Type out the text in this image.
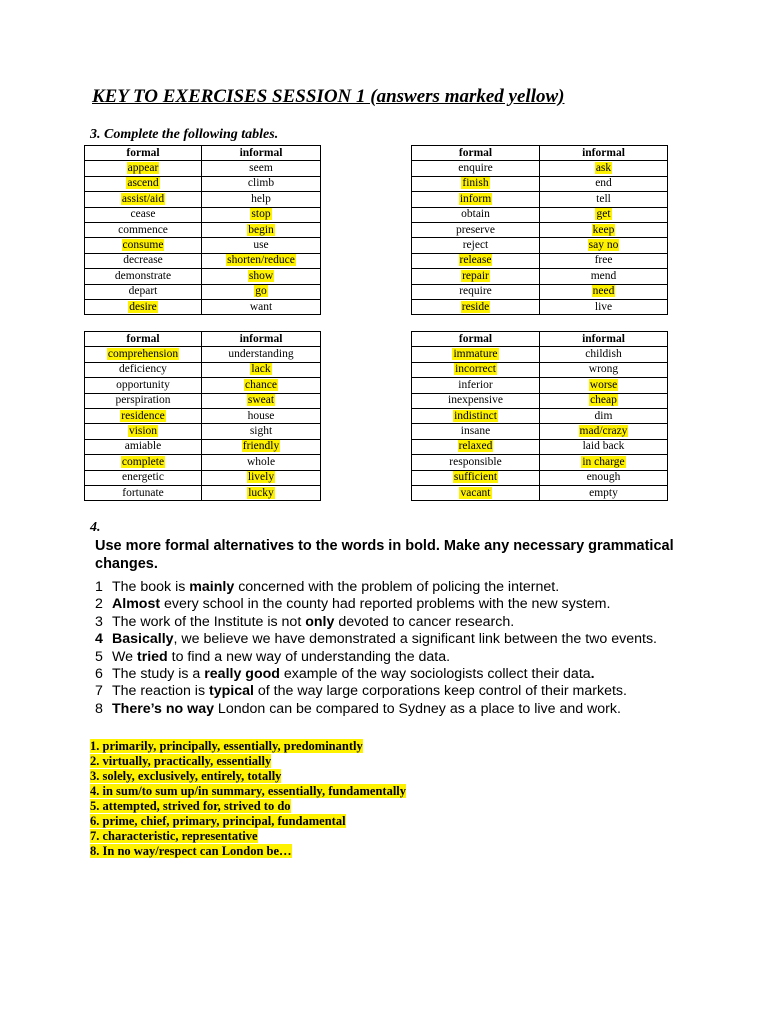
KEY TO EXERCISES SESSION 1 (answers marked yellow)
3. Complete the following tables.
formal	informal
appear	seem
ascend	climb
assist/aid	help
cease	stop
commence	begin
consume	use
decrease	shorten/reduce
demonstrate	show
depart	go
desire	want
formal	informal
enquire	ask
finish	end
inform	tell
obtain	get
preserve	keep
reject	say no
release	free
repair	mend
require	need
reside	live
formal	informal
comprehension	understanding
deficiency	lack
opportunity	chance
perspiration	sweat
residence	house
vision	sight
amiable	friendly
complete	whole
energetic	lively
fortunate	lucky
formal	informal
immature	childish
incorrect	wrong
inferior	worse
inexpensive	cheap
indistinct	dim
insane	mad/crazy
relaxed	laid back
responsible	in charge
sufficient	enough
vacant	empty
4.
Use more formal alternatives to the words in bold. Make any necessary grammatical changes.
1 The book is mainly concerned with the problem of policing the internet.
2 Almost every school in the county had reported problems with the new system.
3 The work of the Institute is not only devoted to cancer research.
4 Basically, we believe we have demonstrated a significant link between the two events.
5 We tried to find a new way of understanding the data.
6 The study is a really good example of the way sociologists collect their data.
7 The reaction is typical of the way large corporations keep control of their markets.
8 There’s no way London can be compared to Sydney as a place to live and work.
1. primarily, principally, essentially, predominantly
2. virtually, practically, essentially
3. solely, exclusively, entirely, totally
4. in sum/to sum up/in summary, essentially, fundamentally
5. attempted, strived for, strived to do
6. prime, chief, primary, principal, fundamental
7. characteristic, representative
8. In no way/respect can London be…
